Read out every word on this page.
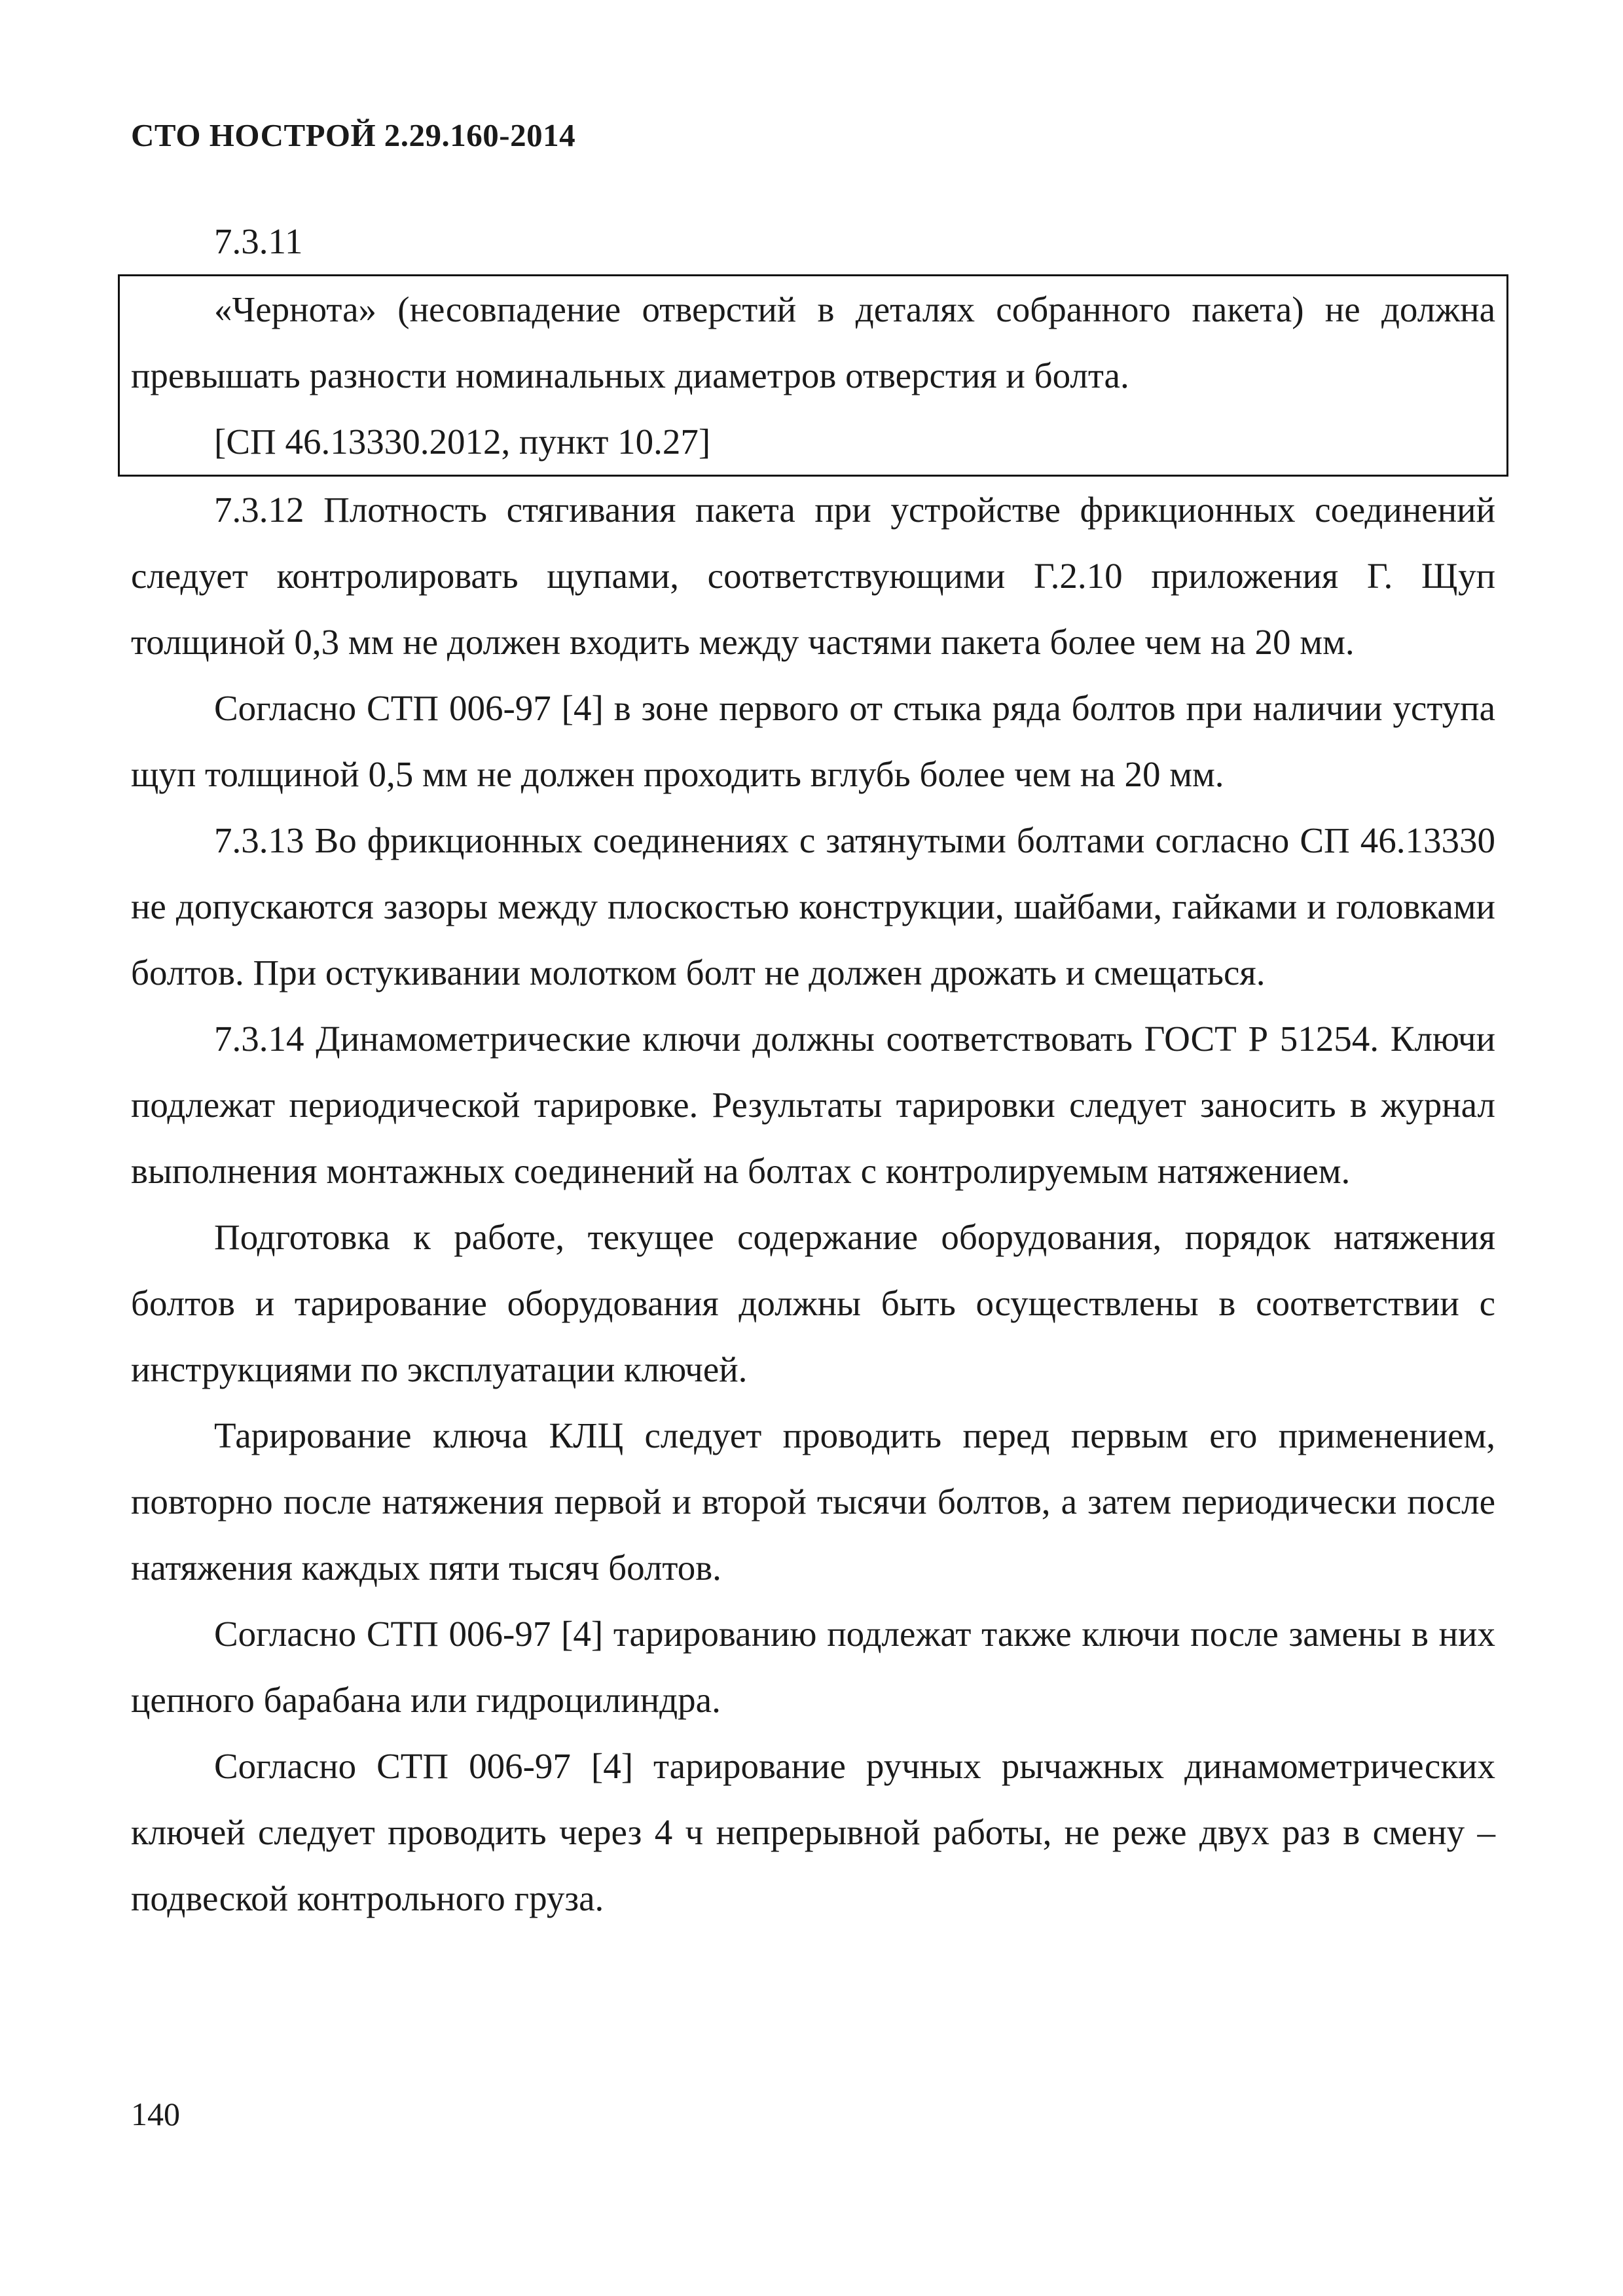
СТО НОСТРОЙ 2.29.160-2014

7.3.11

«Чернота» (несовпадение отверстий в деталях собранного пакета) не должна превышать разности номинальных диаметров отверстия и болта.

[СП 46.13330.2012, пункт 10.27]

7.3.12 Плотность стягивания пакета при устройстве фрикционных соединений следует контролировать щупами, соответствующими Г.2.10 приложения Г. Щуп толщиной 0,3 мм не должен входить между частями пакета более чем на 20 мм.

Согласно СТП 006-97 [4] в зоне первого от стыка ряда болтов при наличии уступа щуп толщиной 0,5 мм не должен проходить вглубь более чем на 20 мм.

7.3.13 Во фрикционных соединениях с затянутыми болтами согласно СП 46.13330 не допускаются зазоры между плоскостью конструкции, шайбами, гайками и головками болтов. При остукивании молотком болт не должен дрожать и смещаться.

7.3.14 Динамометрические ключи должны соответствовать ГОСТ Р 51254. Ключи подлежат периодической тарировке. Результаты тарировки следует заносить в журнал выполнения монтажных соединений на болтах с контролируемым натяжением.

Подготовка к работе, текущее содержание оборудования, порядок натяжения болтов и тарирование оборудования должны быть осуществлены в соответствии с инструкциями по эксплуатации ключей.

Тарирование ключа КЛЦ следует проводить перед первым его применением, повторно после натяжения первой и второй тысячи болтов, а затем периодически после натяжения каждых пяти тысяч болтов.

Согласно СТП 006-97 [4] тарированию подлежат также ключи после замены в них цепного барабана или гидроцилиндра.

Согласно СТП 006-97 [4] тарирование ручных рычажных динамометрических ключей следует проводить через 4 ч непрерывной работы, не реже двух раз в смену – подвеской контрольного груза.

140
